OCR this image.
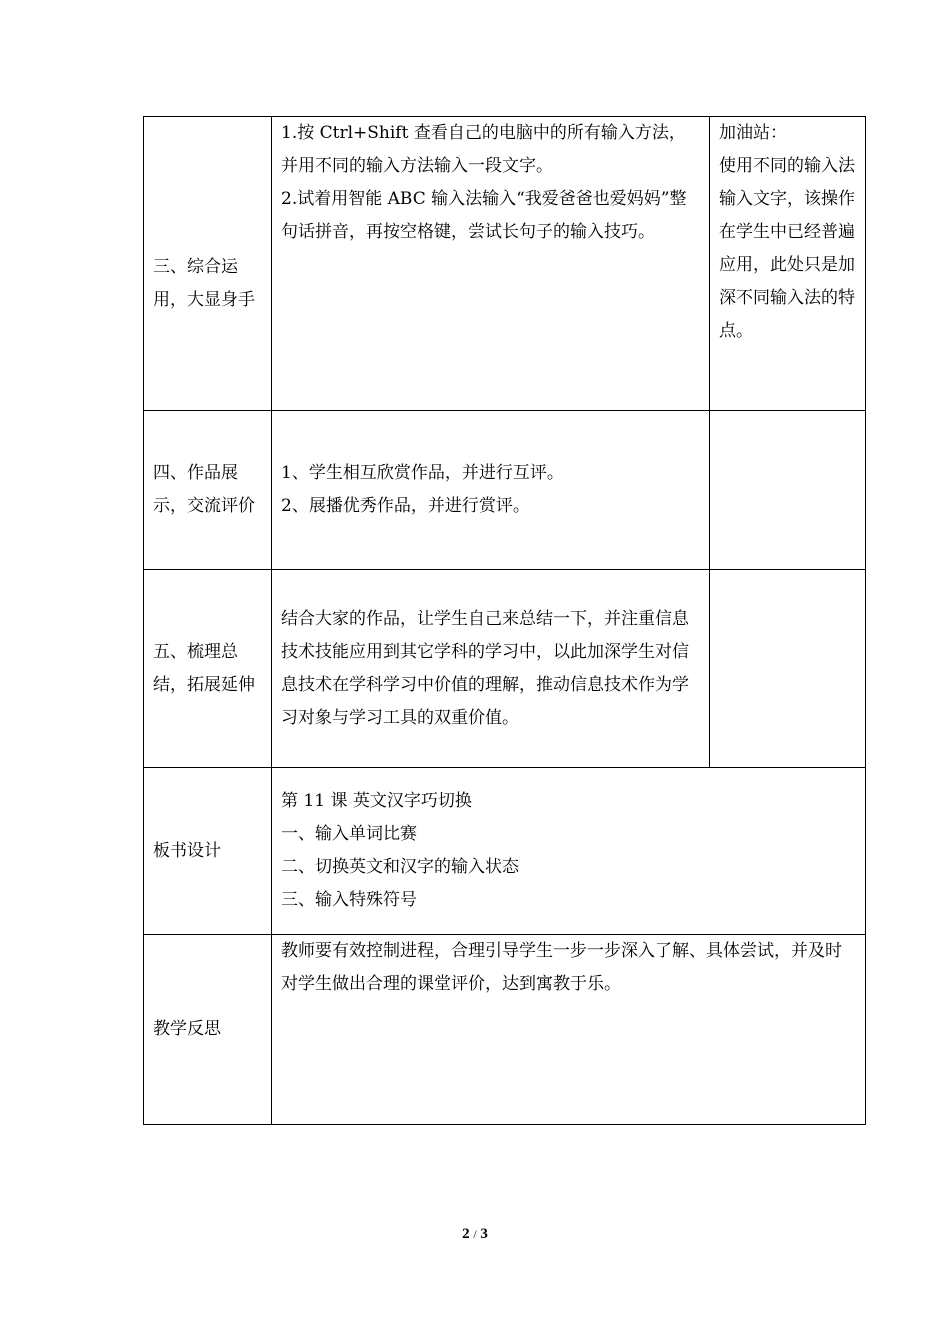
三、综合运用，大显身手	1.按 Ctrl+Shift 查看自己的电脑中的所有输入方法，并用不同的输入方法输入一段文字。
2.试着用智能 ABC 输入法输入“我爱爸爸也爱妈妈”整句话拼音，再按空格键，尝试长句子的输入技巧。	加油站：
使用不同的输入法输入文字，该操作在学生中已经普遍应用，此处只是加深不同输入法的特点。

四、作品展示，交流评价	1、学生相互欣赏作品，并进行互评。
2、展播优秀作品，并进行赏评。	

五、梳理总结，拓展延伸	结合大家的作品，让学生自己来总结一下，并注重信息技术技能应用到其它学科的学习中，以此加深学生对信息技术在学科学习中价值的理解，推动信息技术作为学习对象与学习工具的双重价值。	

板书设计	第 11 课 英文汉字巧切换
一、输入单词比赛
二、切换英文和汉字的输入状态
三、输入特殊符号	

教学反思	教师要有效控制进程，合理引导学生一步一步深入了解、具体尝试，并及时对学生做出合理的课堂评价，达到寓教于乐。	
2 / 3
